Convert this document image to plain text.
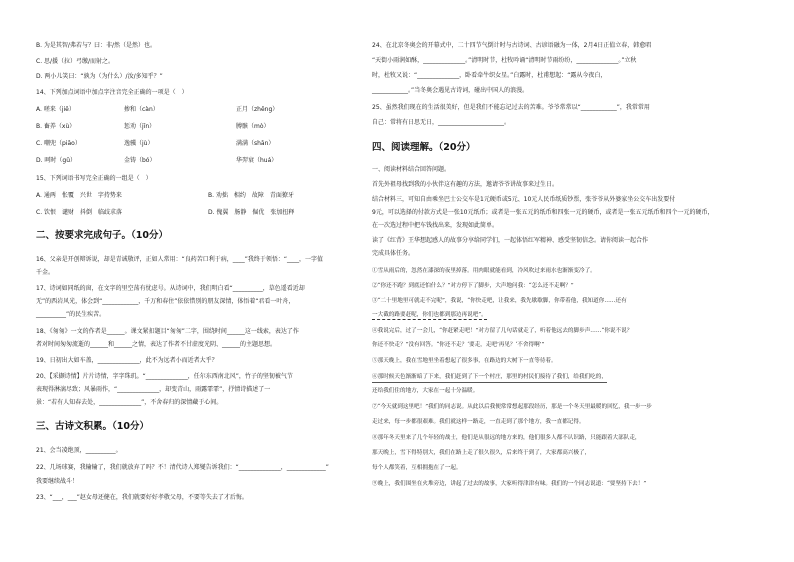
B. 为是其智/弗若与？曰：非/然（是然）也。
C. 思/援（拉）弓缴/而射之。
D. 两小儿笑曰：“孰为（为什么）/汝/多知乎？”
14、下列加点词语中加点字注音完全正确的一项是（　）
A. 嗟来（jiē）	掺和（càn）	正月（zhēng）
B. 畜养（xù）	惩劝（jīn）	膊骸（mò）
C. 嘲兜（piāo）	逸骥（jù）	满满（shān）
D. 呵时（gǔ）	金铸（bó）	华羿衰（huá）
15、下列词语书写完全正确的一组是（　）
A. 通两　怅覆　兴世　字持势来	B. 劝拙　相约　故障　青面獠牙
C. 饮恨　谴财　抖倒　临歧求落	D. 傀翼　肠静　倔优　张加扭释
二、按要求完成句子。（10分）
16、父亲是开创辩诉说，却是青诚敬评，正如人常用：“良药苦口利于病，____”我终于领悟：“____，一字值
千金。
17、诗词如同纸的窗，在文字的里空荡有忧虑号。从诗词中，我们明白看“__________，草色遥看近却
无”的西岩风光，体会到“____________，千万和春住”依依惜别的朋友深情，体悟着“君看一叶舟，
__________”的民生疾苦。
18、《匆匆》一文的作者是______。课文紧扣题目“匆匆”二字，围绕时间______这一线索，表达了作
者对时间匆匆流逝的______和______之情，表达了作者不甘虚度光阴、______的主题思想。
19、日初出大如车盖，______________，此不为远者小而近者大乎？
20、【采撷诗情】片片诗情，字字珠玑。“______________，任尔东西南北风”，竹子的坚韧被气节
表现得淋漓尽致；风暴雨作，“______________，却变青山，雨露霏霏”，抒情诗描述了一
景：“若有人知春去处，______________”，不舍春归的深情藏于心间。
三、古诗文积累。（10分）
21、会当凌绝顶，__________。
22、几场球赛，我输输了，我们就放弃了吗？不！清代诗人郑燮告诉我们：“______________，_____________”
我要继续战斗！
23、“___，___”赵女母还健在，我们就要好好孝敬父母，不要等失去了才后悔。
24、在北京冬奥会的开幕式中，二十四节气倒计时与古诗词、古谚语融为一体，2月4日正值立春，韩愈唱
“天街小雨润如酥，______________。”清明时节，杜牧吟诵“清明时节雨纷纷，______________。”立秋
时，杜牧又说：“______________，卧看牵牛织女星。”白露时，杜甫想起：“露从今夜白，
____________。”当冬奥会遇见古诗词，碰出中国人的浪漫。
25、虽然我们现在的生活很美好，但是我们不能忘记过去的苦难。爷爷常常以“____________”，我常常用
自己：常将有日思无日，______________________。
四、阅读理解。（20分）
一、阅读材料结合回答问题。
首先外祖母找到我的小伙伴这有趣的方法，邀请爷爷讲故事来过生日。
结合材料三，可知自由乘坐巴士公交车是1元硬币或5元、10元人民币纸质钞票，张爷爷从外婆家坐公交车出发要付
9元，可以选择的付款方式是一张10元纸币；或者是一张五元的纸币和四张一元的硬币，或者是一张五元纸币和四个一元的硬币，
在一次选过程中把车钱找出来，发现如此简单。
读了《红背》王华想起感人的故事分享给同学们，一起体悟红军精神、感受坚韧信念。请你阅读一起合作
完成具体任务。
①雪从雨后的，忽然在漆深的夜里掉落。用肉眼就能看到，冷风吹过来雨水也渐渐变冷了。
②“你还不跑？到底还怕什么？”对方停下了脚步，大声地问我：“怎么还不走啊？”
③“二十里地里可就走不完呢”，我说，“你快走吧，让我来，我先歇歇脚，你带着他，我知道你……还有
一大截的路要赶呢，你们也都到那边再说吧”。
④我说完后，过了一会儿，“你赶紧走吧！”对方留了几句话就走了，听着他远去的脚步声……“你说不说？
你还不快走？”没有回答。“你还不走？‘要走，走吧’再见？‘不舍得啊’”
⑤那天晚上，我在雪地里坐着想起了很多事，在路边的大树下一直等待着。
⑥那时候天色渐渐暗了下来，我们赶到了下一个村庄，那里的村民们接待了我们，给我们吃的，
还给我们住的地方，大家在一起十分温暖。
⑦“今天就到这里吧！”我们的同志说。从此以后我便常常想起那段经历，那是一个冬天里最暖的回忆，我一步一步
走过来，每一步都很艰难。我们就这样一路走，一直走到了那个地方，我一直都记得。
⑧那年冬天里来了几个年轻的战士，他们是从很远的地方来的，他们很多人都不认识路，只能跟着大部队走，
那天晚上，雪下得特别大，我们在路上走了很久很久，后来终于到了，大家都高兴极了，
每个人都笑着，互相拥抱在了一起。
⑨晚上，我们围坐在火堆旁边，讲起了过去的故事，大家听得津津有味。我们的一个同志说道：“要坚持下去！”
